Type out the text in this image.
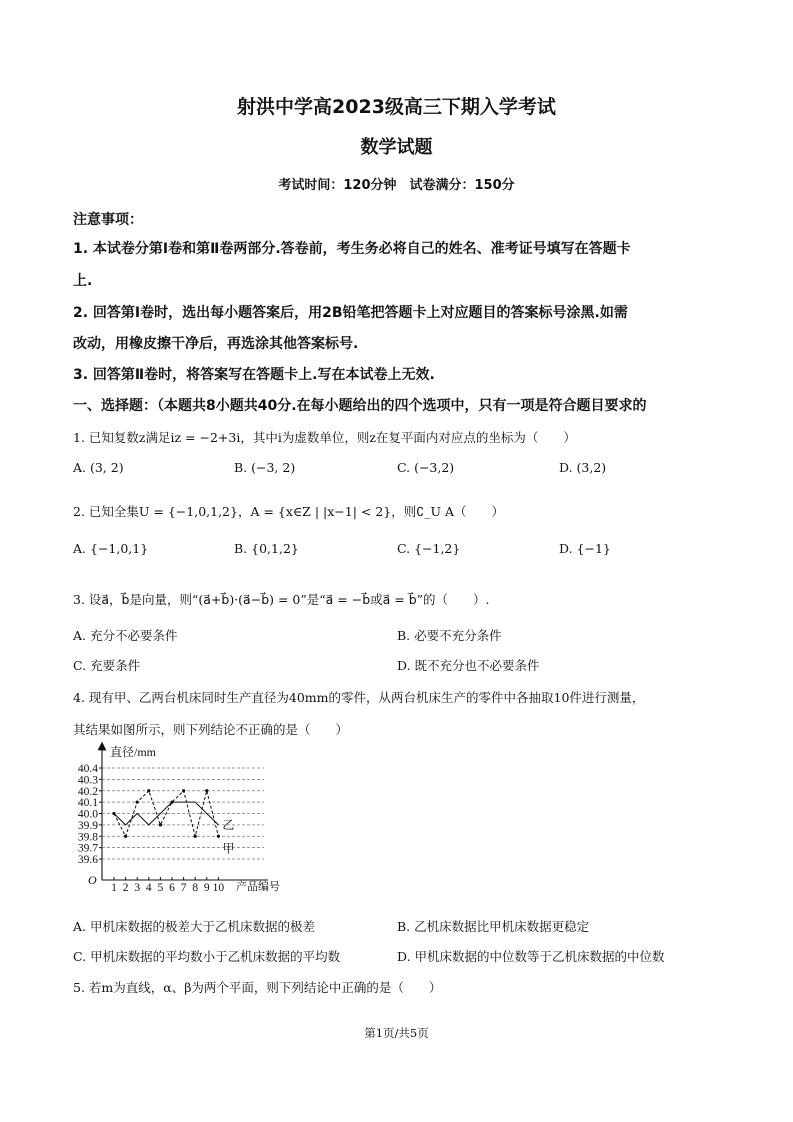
射洪中学高2023级高三下期入学考试
数学试题
考试时间：120分钟　试卷满分：150分
注意事项：
1. 本试卷分第Ⅰ卷和第Ⅱ卷两部分.答卷前，考生务必将自己的姓名、准考证号填写在答题卡
上.
2. 回答第Ⅰ卷时，选出每小题答案后，用2B铅笔把答题卡上对应题目的答案标号涂黑.如需
改动，用橡皮擦干净后，再选涂其他答案标号.
3. 回答第Ⅱ卷时，将答案写在答题卡上.写在本试卷上无效.
一、选择题：（本题共8小题共40分.在每小题给出的四个选项中，只有一项是符合题目要求的
1. 已知复数z满足iz = −2+3i，其中i为虚数单位，则z在复平面内对应点的坐标为（　　）
A. (3, 2)	B. (−3, 2)	C. (−3,2)	D. (3,2)
2. 已知全集U = {−1,0,1,2}，A = {x∈Z | |x−1| < 2}，则∁_U A（　　）
A. {−1,0,1}	B. {0,1,2}	C. {−1,2}	D. {−1}
3. 设a⃗，b⃗是向量，则“(a⃗+b⃗)·(a⃗−b⃗) = 0”是“a⃗ = −b⃗或a⃗ = b⃗”的（　　）.
A. 充分不必要条件	B. 必要不充分条件
C. 充要条件	D. 既不充分也不必要条件
4. 现有甲、乙两台机床同时生产直径为40mm的零件，从两台机床生产的零件中各抽取10件进行测量，
其结果如图所示，则下列结论不正确的是（　　）
直径/mm
产品编号
O
39.6
39.7
39.8
39.9
40.0
40.1
40.2
40.3
40.4
1 2 3 4 5 6 7 8 9 10
甲
乙
A. 甲机床数据的极差大于乙机床数据的极差	B. 乙机床数据比甲机床数据更稳定
C. 甲机床数据的平均数小于乙机床数据的平均数	D. 甲机床数据的中位数等于乙机床数据的中位数
5. 若m为直线，α、β为两个平面，则下列结论中正确的是（　　）
第1页/共5页
